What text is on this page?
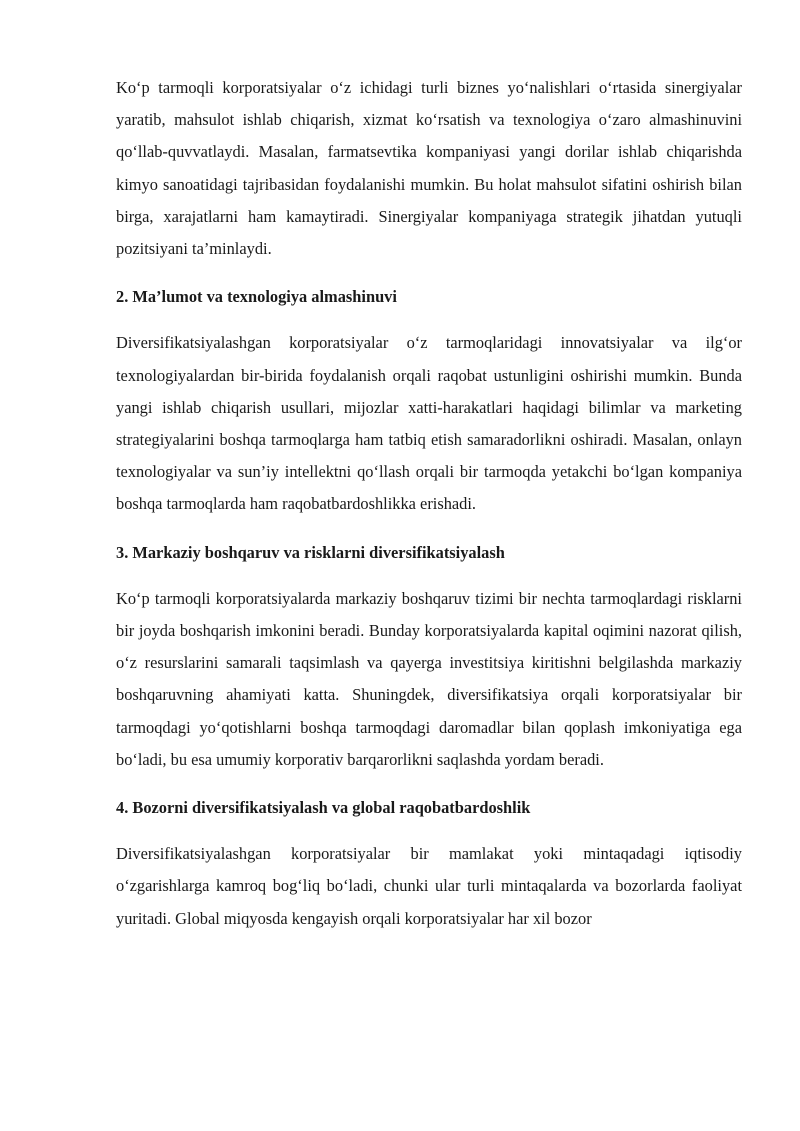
Ko‘p tarmoqli korporatsiyalar o‘z ichidagi turli biznes yo‘nalishlari o‘rtasida sinergiyalar yaratib, mahsulot ishlab chiqarish, xizmat ko‘rsatish va texnologiya o‘zaro almashinuvini qo‘llab-quvvatlaydi. Masalan, farmatsevtika kompaniyasi yangi dorilar ishlab chiqarishda kimyo sanoatidagi tajribasidan foydalanishi mumkin. Bu holat mahsulot sifatini oshirish bilan birga, xarajatlarni ham kamaytiradi. Sinergiyalar kompaniyaga strategik jihatdan yutuqli pozitsiyani ta’minlaydi.

2. Ma’lumot va texnologiya almashinuvi

Diversifikatsiyalashgan korporatsiyalar o‘z tarmoqlaridagi innovatsiyalar va ilg‘or texnologiyalardan bir-birida foydalanish orqali raqobat ustunligini oshirishi mumkin. Bunda yangi ishlab chiqarish usullari, mijozlar xatti-harakatlari haqidagi bilimlar va marketing strategiyalarini boshqa tarmoqlarga ham tatbiq etish samaradorlikni oshiradi. Masalan, onlayn texnologiyalar va sun’iy intellektni qo‘llash orqali bir tarmoqda yetakchi bo‘lgan kompaniya boshqa tarmoqlarda ham raqobatbardoshlikka erishadi.

3. Markaziy boshqaruv va risklarni diversifikatsiyalash

Ko‘p tarmoqli korporatsiyalarda markaziy boshqaruv tizimi bir nechta tarmoqlardagi risklarni bir joyda boshqarish imkonini beradi. Bunday korporatsiyalarda kapital oqimini nazorat qilish, o‘z resurslarini samarali taqsimlash va qayerga investitsiya kiritishni belgilashda markaziy boshqaruvning ahamiyati katta. Shuningdek, diversifikatsiya orqali korporatsiyalar bir tarmoqdagi yo‘qotishlarni boshqa tarmoqdagi daromadlar bilan qoplash imkoniyatiga ega bo‘ladi, bu esa umumiy korporativ barqarorlikni saqlashda yordam beradi.

4. Bozorni diversifikatsiyalash va global raqobatbardoshlik

Diversifikatsiyalashgan korporatsiyalar bir mamlakat yoki mintaqadagi iqtisodiy o‘zgarishlarga kamroq bog‘liq bo‘ladi, chunki ular turli mintaqalarda va bozorlarda faoliyat yuritadi. Global miqyosda kengayish orqali korporatsiyalar har xil bozor
